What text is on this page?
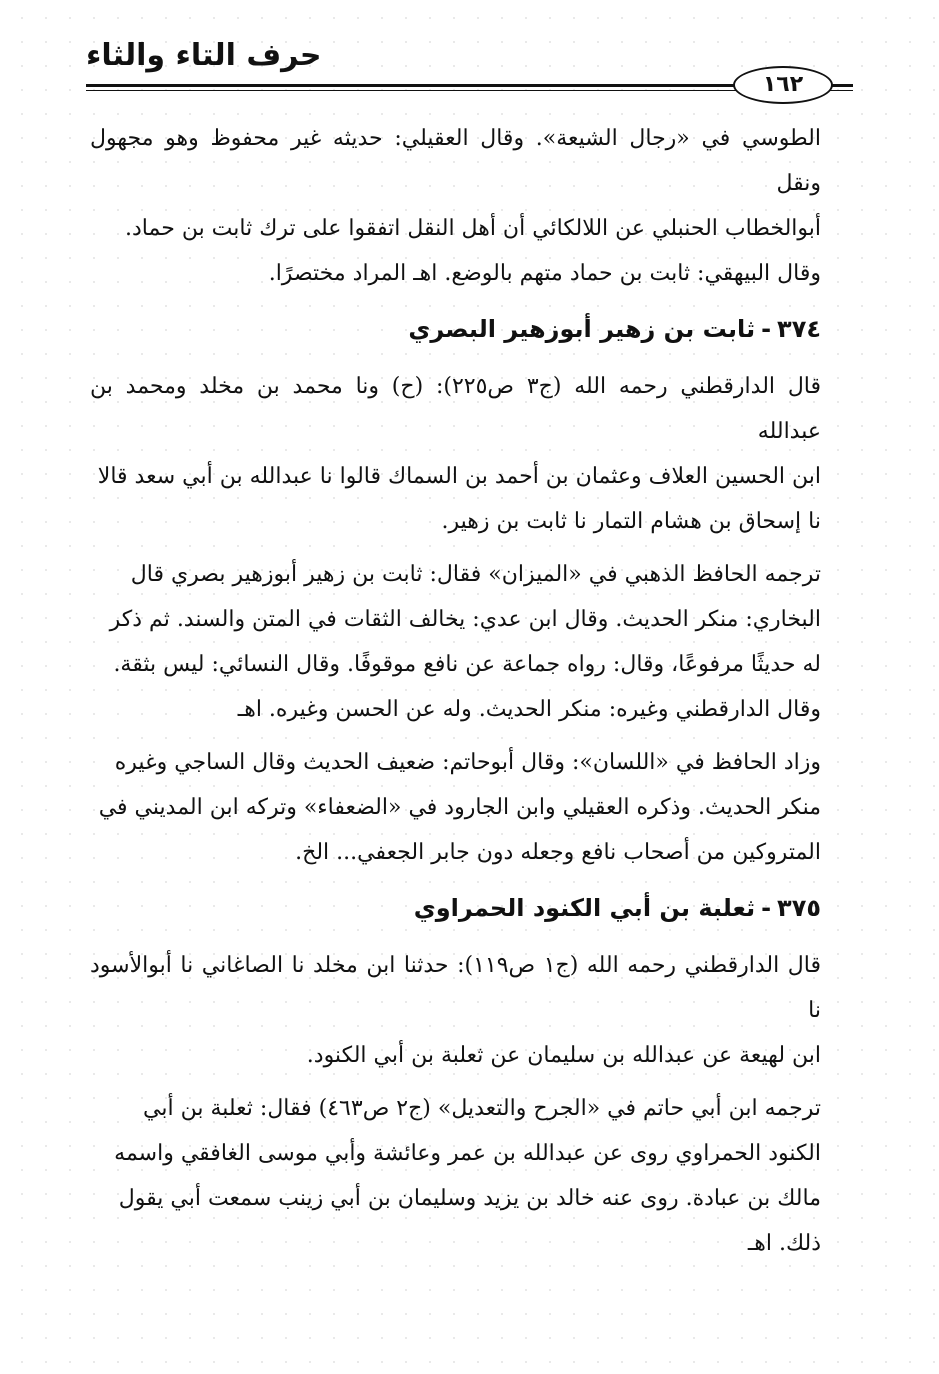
حرف التاء والثاء
١٦٢
الطوسي في «رجال الشيعة». وقال العقيلي: حديثه غير محفوظ وهو مجهول ونقل
أبوالخطاب الحنبلي عن اللالكائي أن أهل النقل اتفقوا على ترك ثابت بن حماد.
وقال البيهقي: ثابت بن حماد متهم بالوضع. اهـ المراد مختصرًا.
٣٧٤-ثابت بن زهير أبوزهير البصري
قال الدارقطني رحمه الله (ج٣ ص٢٢٥): (ح) ونا محمد بن مخلد ومحمد بن عبدالله
ابن الحسين العلاف وعثمان بن أحمد بن السماك قالوا نا عبدالله بن أبي سعد قالا
نا إسحاق بن هشام التمار نا ثابت بن زهير.
ترجمه الحافظ الذهبي في «الميزان» فقال: ثابت بن زهير أبوزهير بصري قال
البخاري: منكر الحديث. وقال ابن عدي: يخالف الثقات في المتن والسند. ثم ذكر
له حديثًا مرفوعًا، وقال: رواه جماعة عن نافع موقوفًا. وقال النسائي: ليس بثقة.
وقال الدارقطني وغيره: منكر الحديث. وله عن الحسن وغيره. اهـ
وزاد الحافظ في «اللسان»: وقال أبوحاتم: ضعيف الحديث وقال الساجي وغيره
منكر الحديث. وذكره العقيلي وابن الجارود في «الضعفاء» وتركه ابن المديني في
المتروكين من أصحاب نافع وجعله دون جابر الجعفي... الخ.
٣٧٥-ثعلبة بن أبي الكنود الحمراوي
قال الدارقطني رحمه الله (ج١ ص١١٩): حدثنا ابن مخلد نا الصاغاني نا أبوالأسود نا
ابن لهيعة عن عبدالله بن سليمان عن ثعلبة بن أبي الكنود.
ترجمه ابن أبي حاتم في «الجرح والتعديل» (ج٢ ص٤٦٣) فقال: ثعلبة بن أبي
الكنود الحمراوي روى عن عبدالله بن عمر وعائشة وأبي موسى الغافقي واسمه
مالك بن عبادة. روى عنه خالد بن يزيد وسليمان بن أبي زينب سمعت أبي يقول
ذلك. اهـ
